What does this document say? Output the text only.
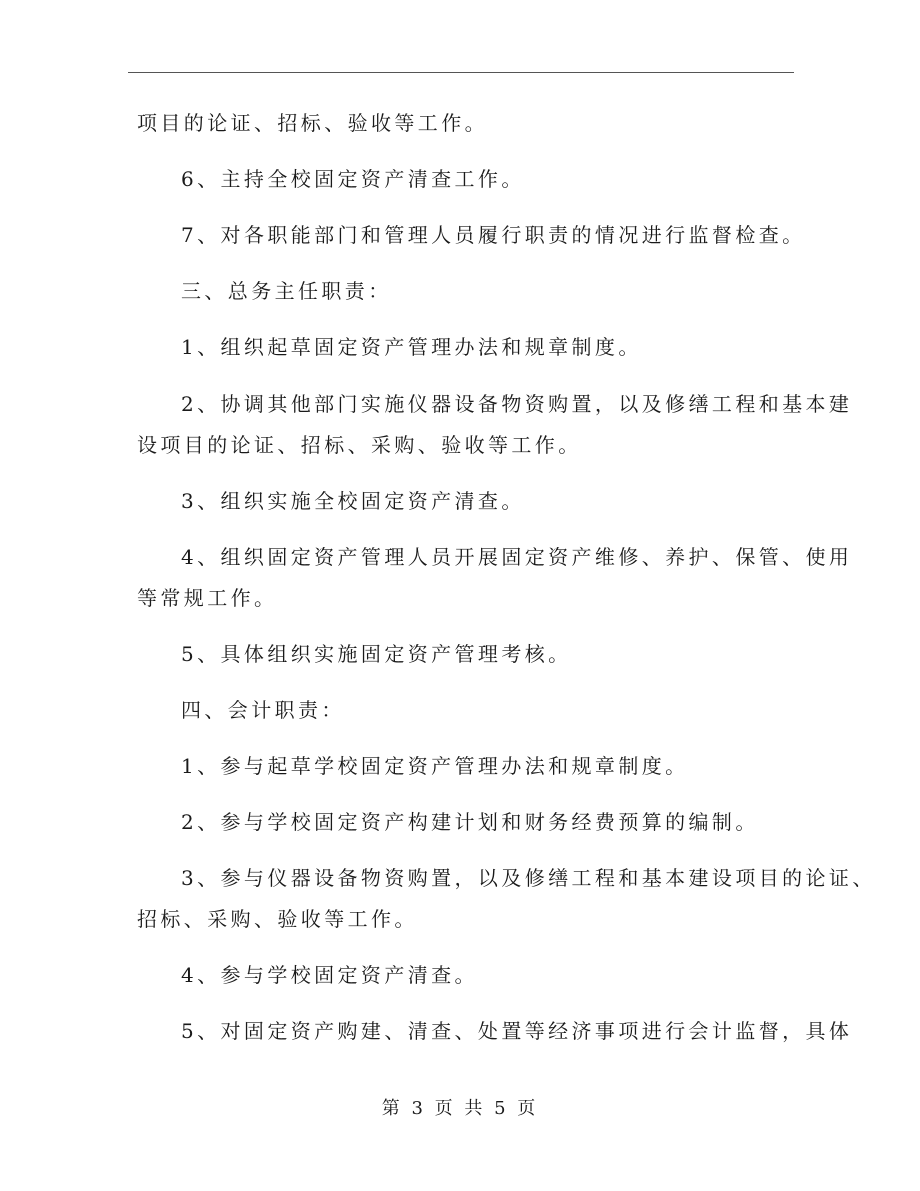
项目的论证、招标、验收等工作。
6、主持全校固定资产清查工作。
7、对各职能部门和管理人员履行职责的情况进行监督检查。
三、总务主任职责：
1、组织起草固定资产管理办法和规章制度。
2、协调其他部门实施仪器设备物资购置，以及修缮工程和基本建
设项目的论证、招标、采购、验收等工作。
3、组织实施全校固定资产清查。
4、组织固定资产管理人员开展固定资产维修、养护、保管、使用
等常规工作。
5、具体组织实施固定资产管理考核。
四、会计职责：
1、参与起草学校固定资产管理办法和规章制度。
2、参与学校固定资产构建计划和财务经费预算的编制。
3、参与仪器设备物资购置，以及修缮工程和基本建设项目的论证、
招标、采购、验收等工作。
4、参与学校固定资产清查。
5、对固定资产购建、清查、处置等经济事项进行会计监督，具体
第 3 页 共 5 页
